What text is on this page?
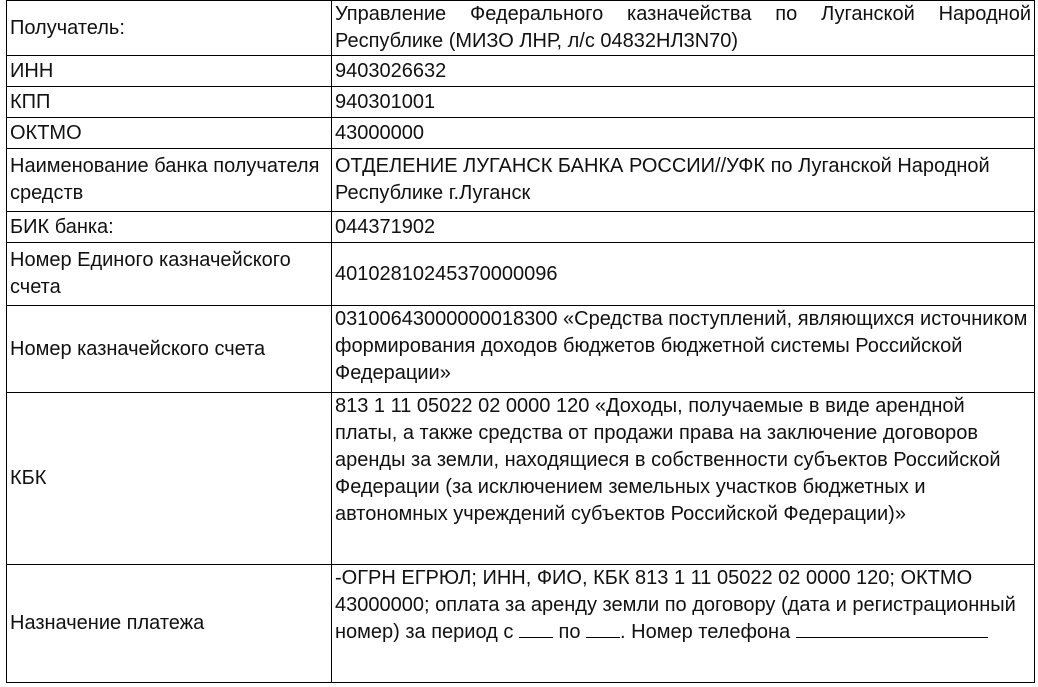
Получатель:	Управление Федерального казначейства по Луганской Народной Республике (МИЗО ЛНР, л/с 04832НЛ3N70)
ИНН	9403026632
КПП	940301001
ОКТМО	43000000
Наименование банка получателя средств	ОТДЕЛЕНИЕ ЛУГАНСК БАНКА РОССИИ//УФК по Луганской Народной Республике г.Луганск
БИК банка:	044371902
Номер Единого казначейского счета	40102810245370000096
Номер казначейского счета	03100643000000018300 «Средства поступлений, являющихся источником формирования доходов бюджетов бюджетной системы Российской Федерации»
КБК	813 1 11 05022 02 0000 120 «Доходы, получаемые в виде арендной платы, а также средства от продажи права на заключение договоров аренды за земли, находящиеся в собственности субъектов Российской Федерации (за исключением земельных участков бюджетных и автономных учреждений субъектов Российской Федерации)»
Назначение платежа	-ОГРН ЕГРЮЛ; ИНН, ФИО, КБК 813 1 11 05022 02 0000 120; ОКТМО 43000000; оплата за аренду земли по договору (дата и регистрационный номер) за период с по . Номер телефона
